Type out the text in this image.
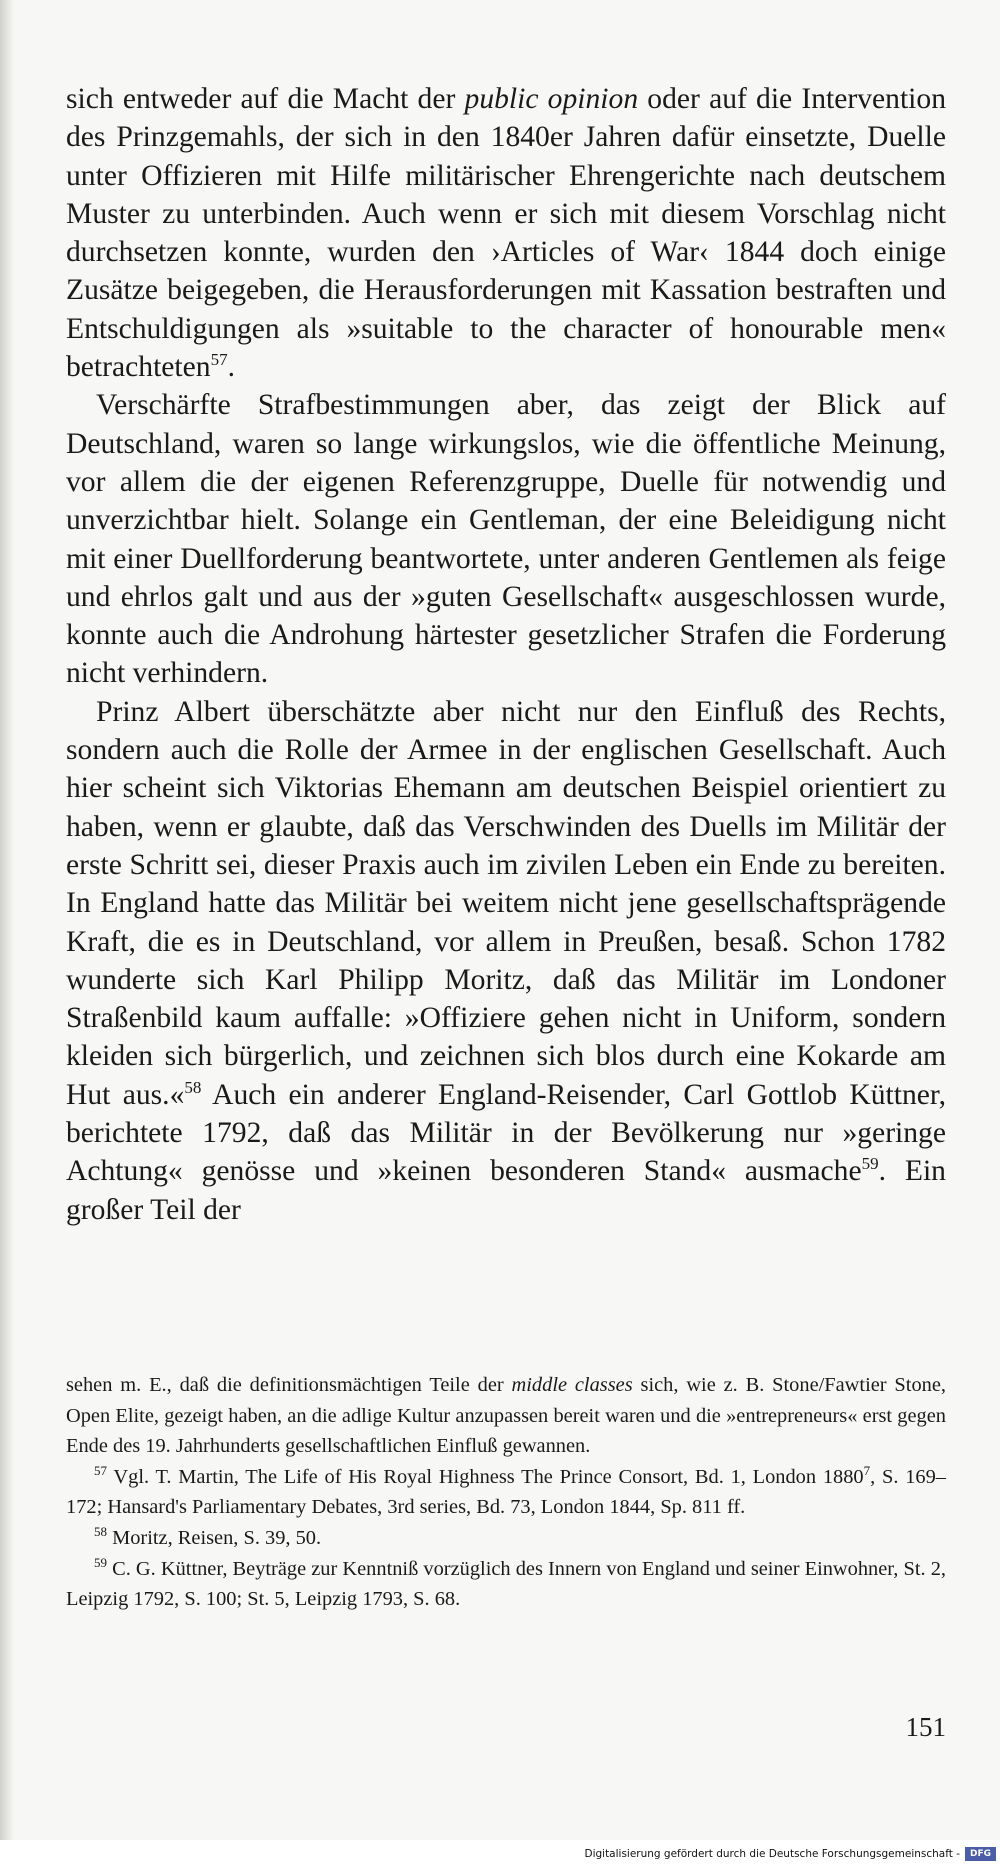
sich entweder auf die Macht der public opinion oder auf die Intervention des Prinzgemahls, der sich in den 1840er Jahren dafür einsetzte, Duelle unter Offizieren mit Hilfe militärischer Ehrengerichte nach deutschem Muster zu unterbinden. Auch wenn er sich mit diesem Vorschlag nicht durchsetzen konnte, wurden den ›Articles of War‹ 1844 doch einige Zusätze beigegeben, die Herausforderungen mit Kassation bestraften und Entschuldigungen als »suitable to the character of honourable men« betrachteten$^{57}$.

Verschärfte Strafbestimmungen aber, das zeigt der Blick auf Deutschland, waren so lange wirkungslos, wie die öffentliche Meinung, vor allem die der eigenen Referenzgruppe, Duelle für notwendig und unverzichtbar hielt. Solange ein Gentleman, der eine Beleidigung nicht mit einer Duellforderung beantwortete, unter anderen Gentlemen als feige und ehrlos galt und aus der »guten Gesellschaft« ausgeschlossen wurde, konnte auch die Androhung härtester gesetzlicher Strafen die Forderung nicht verhindern.

Prinz Albert überschätzte aber nicht nur den Einfluß des Rechts, sondern auch die Rolle der Armee in der englischen Gesellschaft. Auch hier scheint sich Viktorias Ehemann am deutschen Beispiel orientiert zu haben, wenn er glaubte, daß das Verschwinden des Duells im Militär der erste Schritt sei, dieser Praxis auch im zivilen Leben ein Ende zu bereiten. In England hatte das Militär bei weitem nicht jene gesellschaftsprägende Kraft, die es in Deutschland, vor allem in Preußen, besaß. Schon 1782 wunderte sich Karl Philipp Moritz, daß das Militär im Londoner Straßenbild kaum auffalle: »Offiziere gehen nicht in Uniform, sondern kleiden sich bürgerlich, und zeichnen sich blos durch eine Kokarde am Hut aus.«$^{58}$ Auch ein anderer England-Reisender, Carl Gottlob Küttner, berichtete 1792, daß das Militär in der Bevölkerung nur »geringe Achtung« genösse und »keinen besonderen Stand« ausmache$^{59}$. Ein großer Teil der

sehen m. E., daß die definitionsmächtigen Teile der middle classes sich, wie z. B. Stone/Fawtier Stone, Open Elite, gezeigt haben, an die adlige Kultur anzupassen bereit waren und die »entrepreneurs« erst gegen Ende des 19. Jahrhunderts gesellschaftlichen Einfluß gewannen.

$^{57}$ Vgl. T. Martin, The Life of His Royal Highness The Prince Consort, Bd. 1, London 1880$^7$, S. 169–172; Hansard's Parliamentary Debates, 3rd series, Bd. 73, London 1844, Sp. 811 ff.

$^{58}$ Moritz, Reisen, S. 39, 50.

$^{59}$ C. G. Küttner, Beyträge zur Kenntniß vorzüglich des Innern von England und seiner Einwohner, St. 2, Leipzig 1792, S. 100; St. 5, Leipzig 1793, S. 68.

151
Digitalisierung gefördert durch die Deutsche Forschungsgemeinschaft -	DFG
